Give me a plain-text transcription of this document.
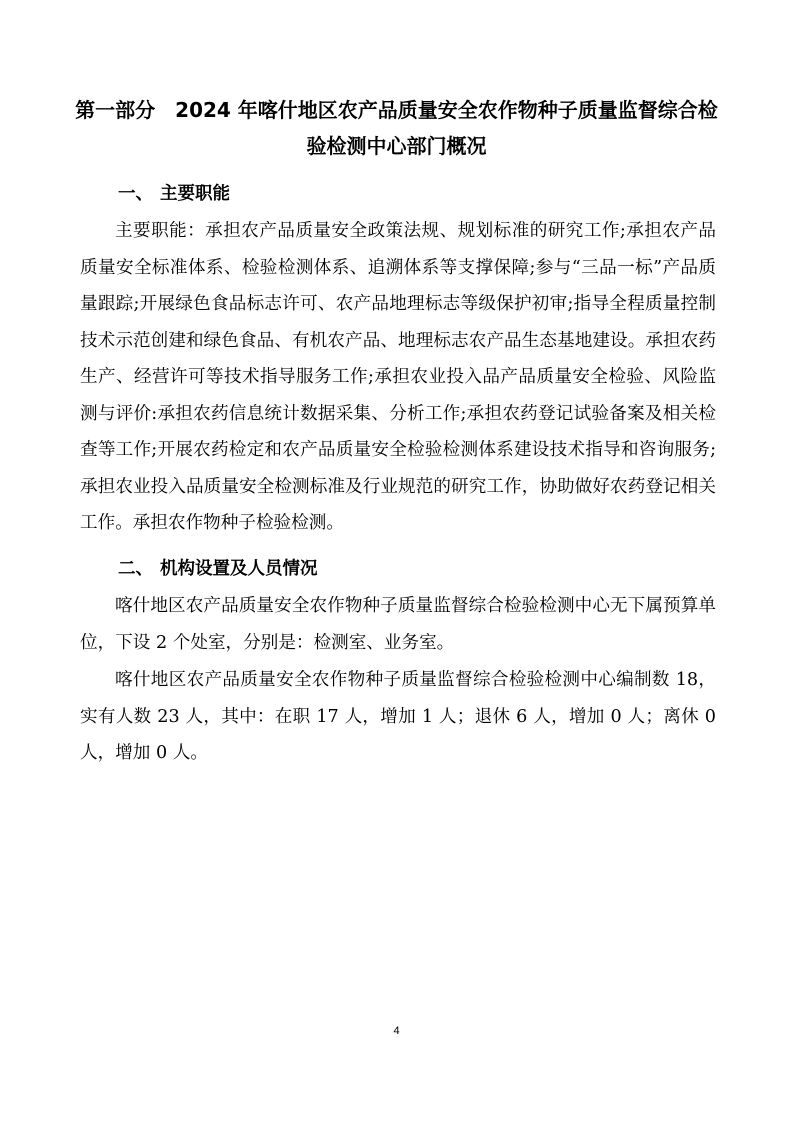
第一部分　2024 年喀什地区农产品质量安全农作物种子质量监督综合检
验检测中心部门概况
一、 主要职能

主要职能：承担农产品质量安全政策法规、规划标准的研究工作;承担农产品质量安全标准体系、检验检测体系、追溯体系等支撑保障;参与“三品一标”产品质量跟踪;开展绿色食品标志许可、农产品地理标志等级保护初审;指导全程质量控制技术示范创建和绿色食品、有机农产品、地理标志农产品生态基地建设。承担农药生产、经营许可等技术指导服务工作;承担农业投入品产品质量安全检验、风险监测与评价:承担农药信息统计数据采集、分析工作;承担农药登记试验备案及相关检查等工作;开展农药检定和农产品质量安全检验检测体系建设技术指导和咨询服务;承担农业投入品质量安全检测标准及行业规范的研究工作，协助做好农药登记相关工作。承担农作物种子检验检测。

二、 机构设置及人员情况

喀什地区农产品质量安全农作物种子质量监督综合检验检测中心无下属预算单位，下设 2 个处室，分别是：检测室、业务室。

喀什地区农产品质量安全农作物种子质量监督综合检验检测中心编制数 18，实有人数 23 人，其中：在职 17 人，增加 1 人；退休 6 人，增加 0 人；离休 0 人，增加 0 人。

4
